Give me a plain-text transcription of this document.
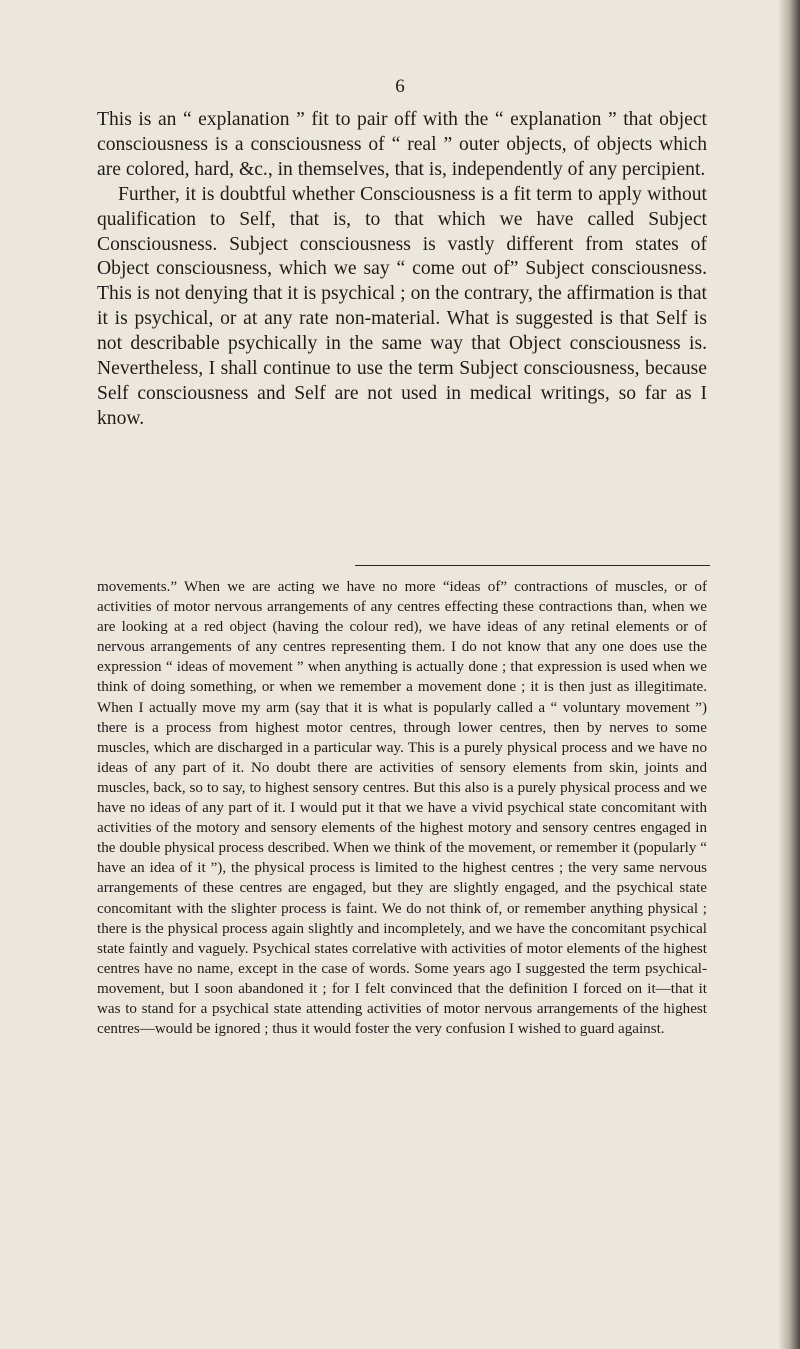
6

This is an “ explanation ” fit to pair off with the “ explanation ” that object consciousness is a consciousness of “ real ” outer objects, of objects which are colored, hard, &c., in themselves, that is, independently of any percipient.

Further, it is doubtful whether Consciousness is a fit term to apply without qualification to Self, that is, to that which we have called Subject Consciousness. Subject consciousness is vastly different from states of Object consciousness, which we say “ come out of” Subject consciousness. This is not denying that it is psychical ; on the contrary, the affirmation is that it is psychical, or at any rate non-material. What is suggested is that Self is not describable psychically in the same way that Object consciousness is. Nevertheless, I shall continue to use the term Subject consciousness, because Self consciousness and Self are not used in medical writings, so far as I know.

movements.” When we are acting we have no more “ideas of” contractions of muscles, or of activities of motor nervous arrangements of any centres effecting these contractions than, when we are looking at a red object (having the colour red), we have ideas of any retinal elements or of nervous arrangements of any centres representing them. I do not know that any one does use the expression “ ideas of movement ” when anything is actually done ; that expression is used when we think of doing something, or when we remember a movement done ; it is then just as illegitimate. When I actually move my arm (say that it is what is popularly called a “ voluntary movement ”) there is a process from highest motor centres, through lower centres, then by nerves to some muscles, which are discharged in a particular way. This is a purely physical process and we have no ideas of any part of it. No doubt there are activities of sensory elements from skin, joints and muscles, back, so to say, to highest sensory centres. But this also is a purely physical process and we have no ideas of any part of it. I would put it that we have a vivid psychical state concomitant with activities of the motory and sensory elements of the highest motory and sensory centres engaged in the double physical process described. When we think of the movement, or remember it (popularly “ have an idea of it ”), the physical process is limited to the highest centres ; the very same nervous arrangements of these centres are engaged, but they are slightly engaged, and the psychical state concomitant with the slighter process is faint. We do not think of, or remember anything physical ; there is the physical process again slightly and incompletely, and we have the concomitant psychical state faintly and vaguely. Psychical states correlative with activities of motor elements of the highest centres have no name, except in the case of words. Some years ago I suggested the term psychical-movement, but I soon abandoned it ; for I felt convinced that the definition I forced on it—that it was to stand for a psychical state attending activities of motor nervous arrangements of the highest centres—would be ignored ; thus it would foster the very confusion I wished to guard against.
